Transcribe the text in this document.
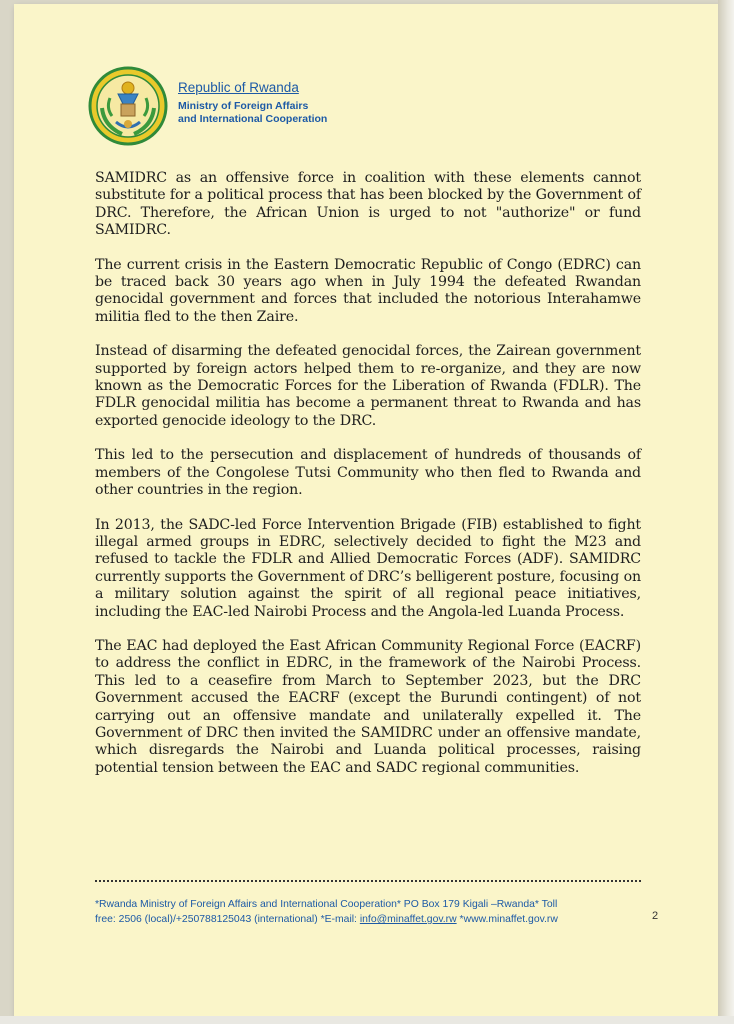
Republic of Rwanda
Ministry of Foreign Affairs
and International Cooperation

SAMIDRC as an offensive force in coalition with these elements cannot substitute for a political process that has been blocked by the Government of DRC. Therefore, the African Union is urged to not "authorize" or fund SAMIDRC.

The current crisis in the Eastern Democratic Republic of Congo (EDRC) can be traced back 30 years ago when in July 1994 the defeated Rwandan genocidal government and forces that included the notorious Interahamwe militia fled to the then Zaire.

Instead of disarming the defeated genocidal forces, the Zairean government supported by foreign actors helped them to re-organize, and they are now known as the Democratic Forces for the Liberation of Rwanda (FDLR). The FDLR genocidal militia has become a permanent threat to Rwanda and has exported genocide ideology to the DRC.

This led to the persecution and displacement of hundreds of thousands of members of the Congolese Tutsi Community who then fled to Rwanda and other countries in the region.

In 2013, the SADC-led Force Intervention Brigade (FIB) established to fight illegal armed groups in EDRC, selectively decided to fight the M23 and refused to tackle the FDLR and Allied Democratic Forces (ADF). SAMIDRC currently supports the Government of DRC’s belligerent posture, focusing on a military solution against the spirit of all regional peace initiatives, including the EAC-led Nairobi Process and the Angola-led Luanda Process.

The EAC had deployed the East African Community Regional Force (EACRF) to address the conflict in EDRC, in the framework of the Nairobi Process. This led to a ceasefire from March to September 2023, but the DRC Government accused the EACRF (except the Burundi contingent) of not carrying out an offensive mandate and unilaterally expelled it. The Government of DRC then invited the SAMIDRC under an offensive mandate, which disregards the Nairobi and Luanda political processes, raising potential tension between the EAC and SADC regional communities.

*Rwanda Ministry of Foreign Affairs and International Cooperation* PO Box 179 Kigali –Rwanda* Toll
free: 2506 (local)/+250788125043 (international) *E-mail: info@minaffet.gov.rw *www.minaffet.gov.rw	2
